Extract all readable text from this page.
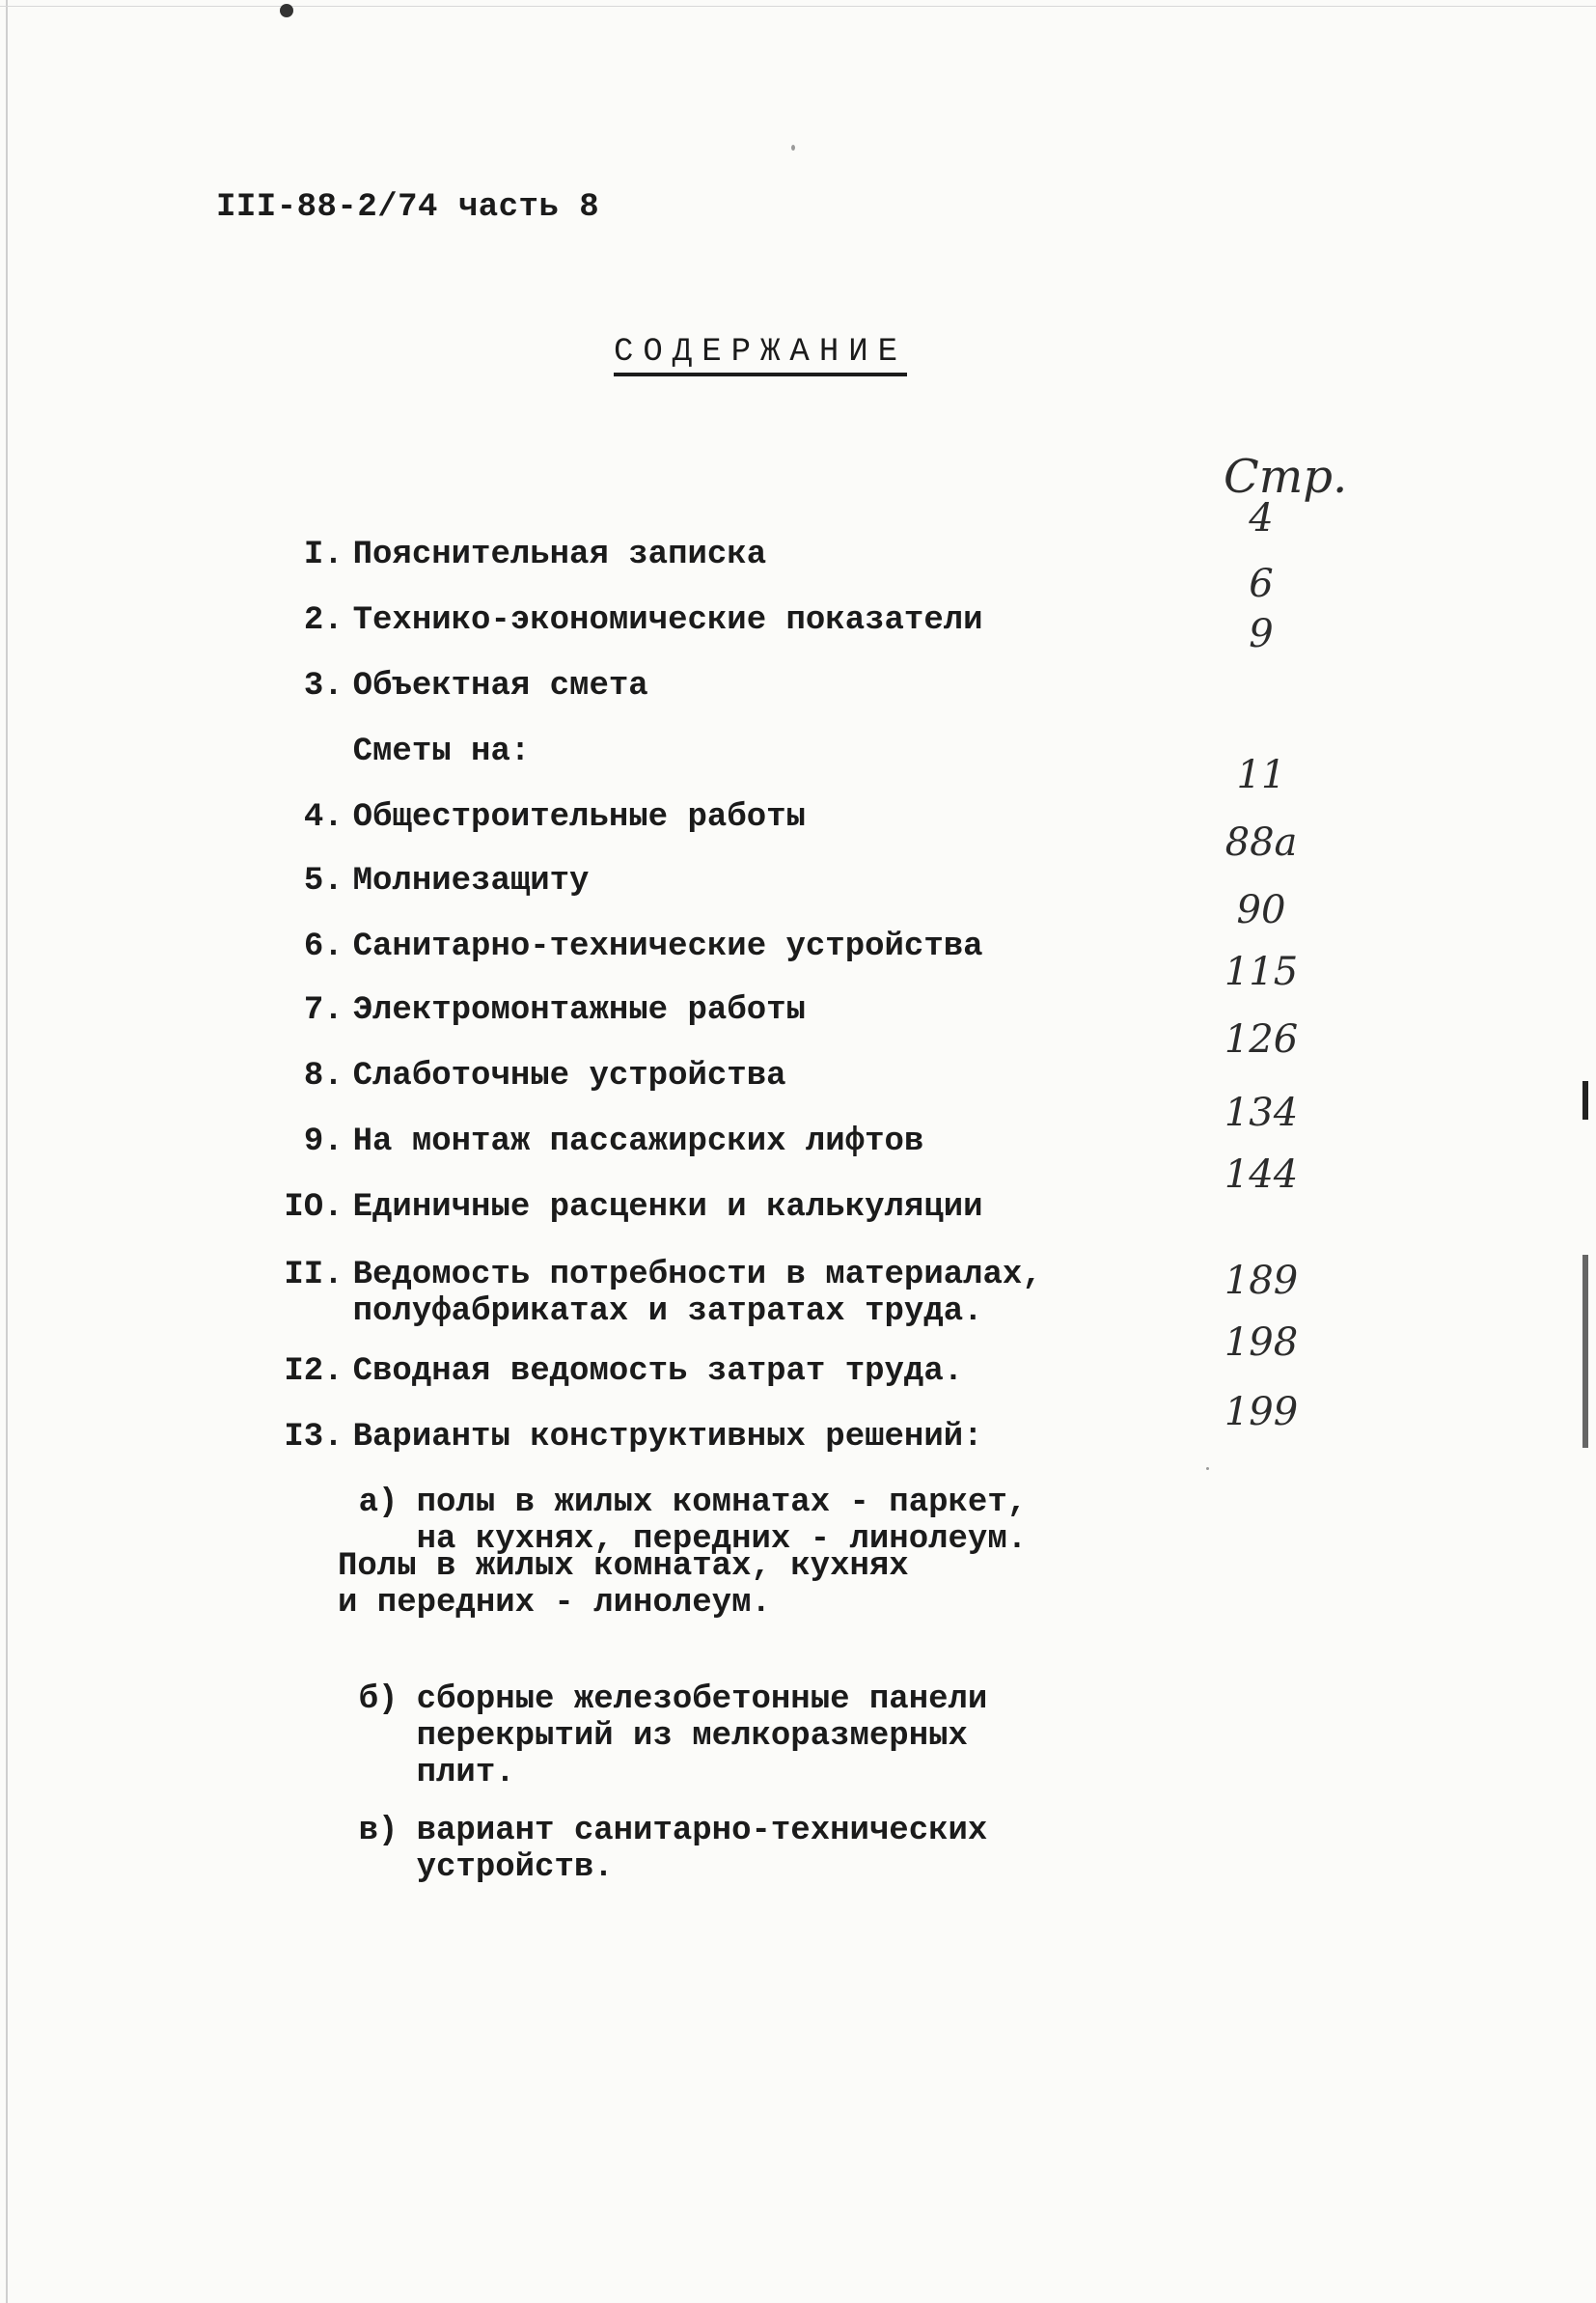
III-88-2/74 часть 8
СОДЕРЖАНИЕ
Стр.

I. Пояснительная записка

4

2. Технико-экономические показатели

6

3. Объектная смета

9

Сметы на:

4. Общестроительные работы

11

5. Молниезащиту

88а

6. Санитарно-технические устройства

90

7. Электромонтажные работы

115

8. Слаботочные устройства

126

9. На монтаж пассажирских лифтов

134

IO. Единичные расценки и калькуляции

144

II. Ведомость потребности в материалах,
полуфабрикатах и затратах труда.

189

I2. Сводная ведомость затрат труда.

198

I3. Варианты конструктивных решений:

199

а) полы в жилых комнатах - паркет,
на кухнях, передних - линолеум.

Полы в жилых комнатах, кухнях
и передних - линолеум.

б) сборные железобетонные панели
перекрытий из мелкоразмерных
плит.

в) вариант санитарно-технических
устройств.
